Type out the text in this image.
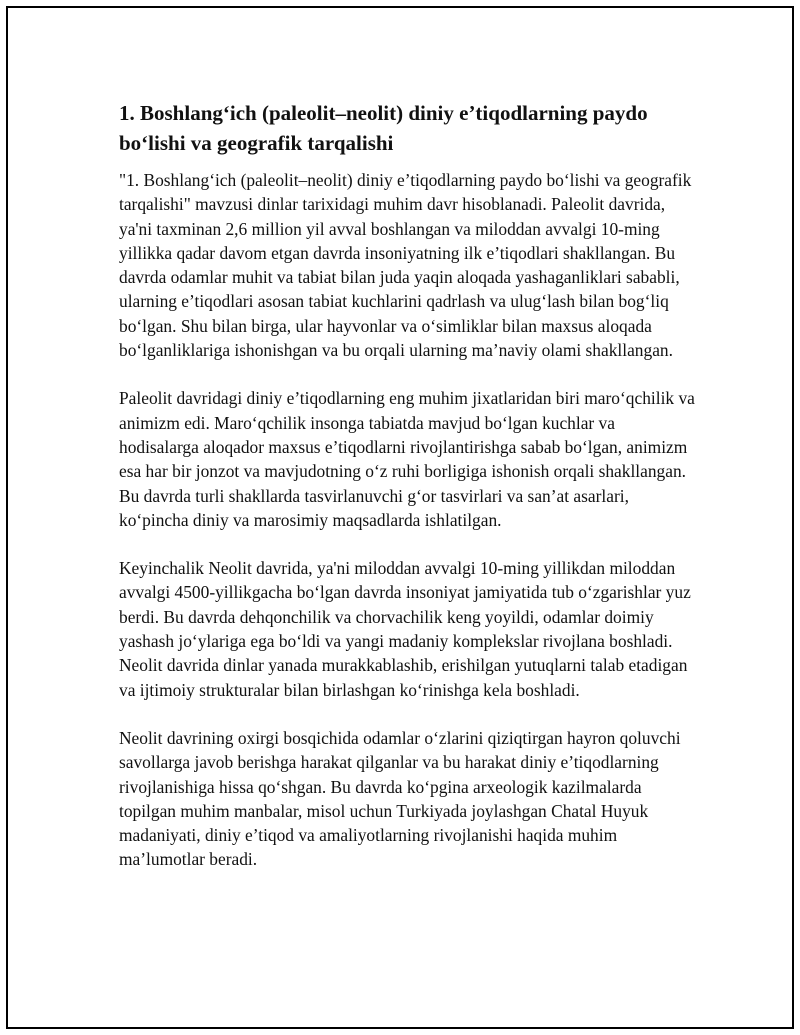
1. Boshlang‘ich (paleolit–neolit) diniy e’tiqodlarning paydo bo‘lishi va geografik tarqalishi

"1. Boshlang‘ich (paleolit–neolit) diniy e’tiqodlarning paydo bo‘lishi va geografik tarqalishi" mavzusi dinlar tarixidagi muhim davr hisoblanadi. Paleolit davrida, ya'ni taxminan 2,6 million yil avval boshlangan va miloddan avvalgi 10-ming yillikka qadar davom etgan davrda insoniyatning ilk e’tiqodlari shakllangan. Bu davrda odamlar muhit va tabiat bilan juda yaqin aloqada yashaganliklari sababli, ularning e’tiqodlari asosan tabiat kuchlarini qadrlash va ulug‘lash bilan bog‘liq bo‘lgan. Shu bilan birga, ular hayvonlar va o‘simliklar bilan maxsus aloqada bo‘lganliklariga ishonishgan va bu orqali ularning ma’naviy olami shakllangan.

Paleolit davridagi diniy e’tiqodlarning eng muhim jixatlaridan biri maro‘qchilik va animizm edi. Maro‘qchilik insonga tabiatda mavjud bo‘lgan kuchlar va hodisalarga aloqador maxsus e’tiqodlarni rivojlantirishga sabab bo‘lgan, animizm esa har bir jonzot va mavjudotning o‘z ruhi borligiga ishonish orqali shakllangan. Bu davrda turli shakllarda tasvirlanuvchi g‘or tasvirlari va san’at asarlari, ko‘pincha diniy va marosimiy maqsadlarda ishlatilgan.

Keyinchalik Neolit davrida, ya'ni miloddan avvalgi 10-ming yillikdan miloddan avvalgi 4500-yillikgacha bo‘lgan davrda insoniyat jamiyatida tub o‘zgarishlar yuz berdi. Bu davrda dehqonchilik va chorvachilik keng yoyildi, odamlar doimiy yashash jo‘ylariga ega bo‘ldi va yangi madaniy komplekslar rivojlana boshladi. Neolit davrida dinlar yanada murakkablashib, erishilgan yutuqlarni talab etadigan va ijtimoiy strukturalar bilan birlashgan ko‘rinishga kela boshladi.

Neolit davrining oxirgi bosqichida odamlar o‘zlarini qiziqtirgan hayron qoluvchi savollarga javob berishga harakat qilganlar va bu harakat diniy e’tiqodlarning rivojlanishiga hissa qo‘shgan. Bu davrda ko‘pgina arxeologik kazilmalarda topilgan muhim manbalar, misol uchun Turkiyada joylashgan Chatal Huyuk madaniyati, diniy e’tiqod va amaliyotlarning rivojlanishi haqida muhim ma’lumotlar beradi.
